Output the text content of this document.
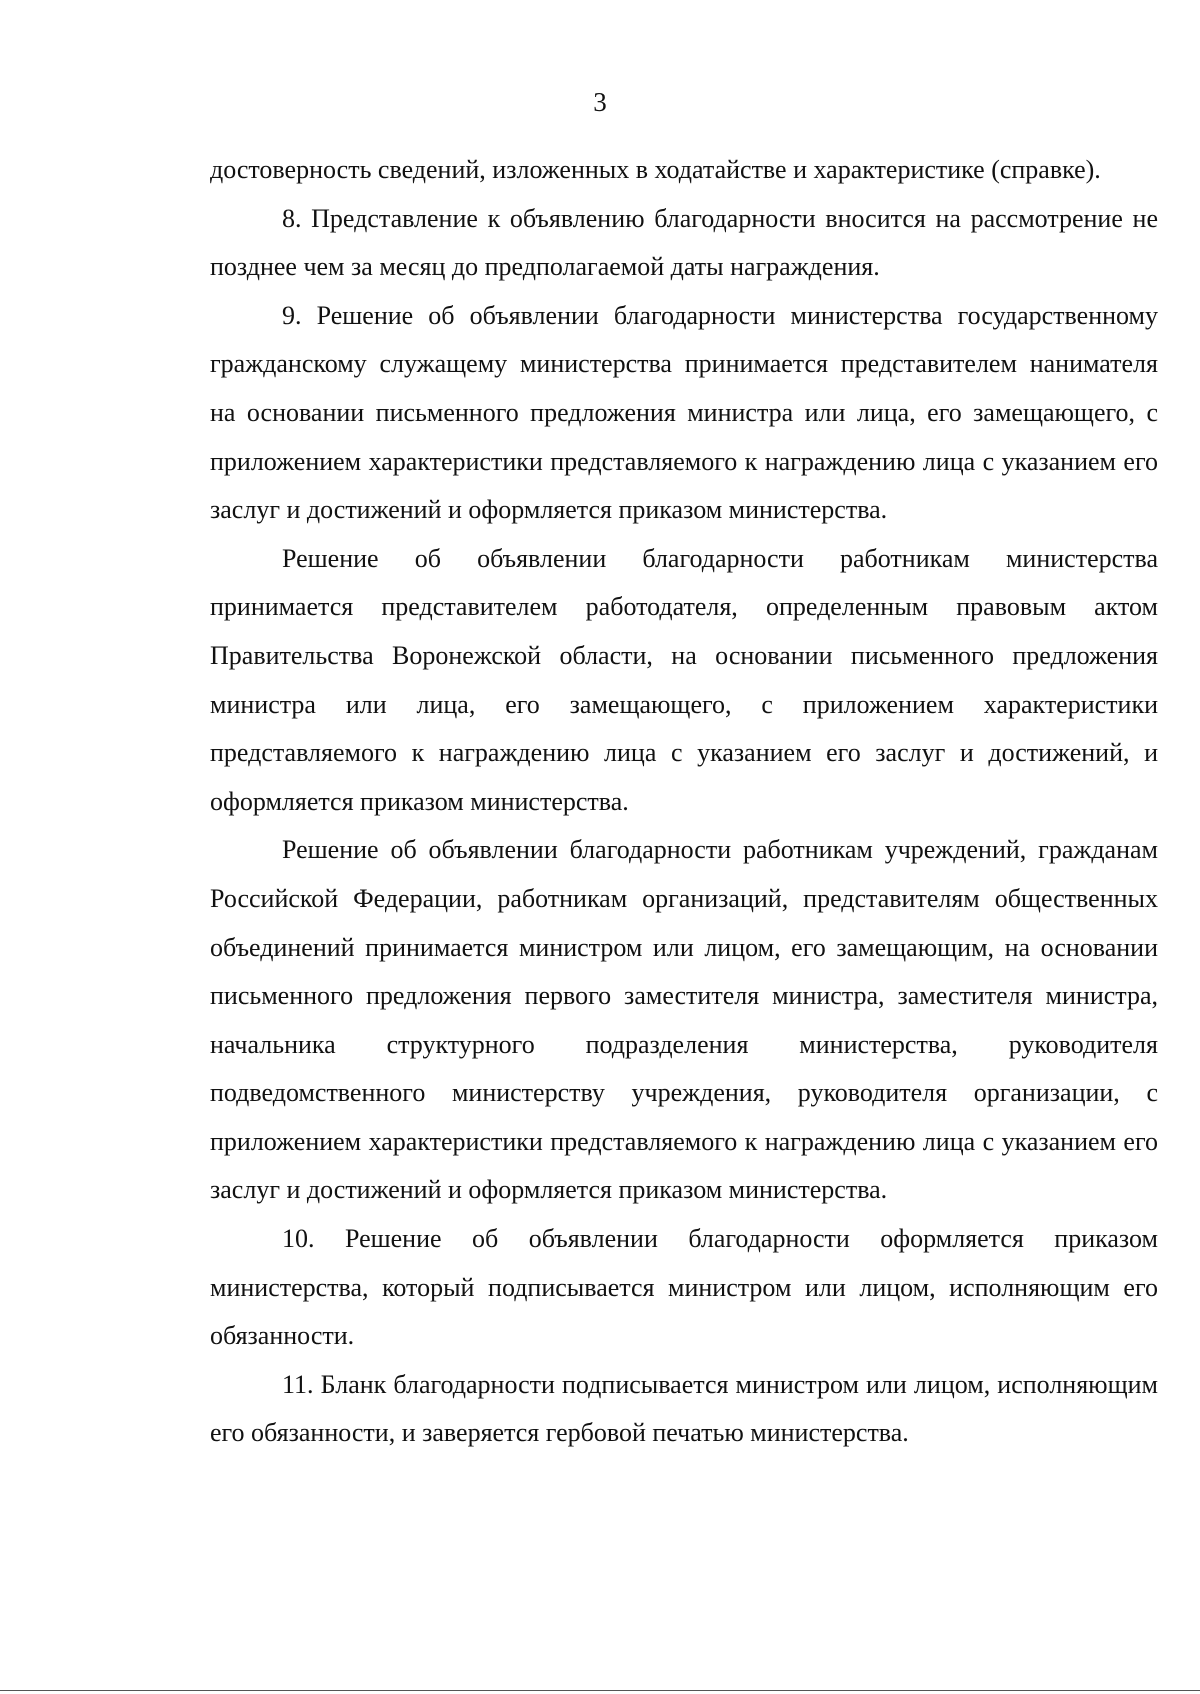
3

достоверность сведений, изложенных в ходатайстве и характеристике (справке).

8. Представление к объявлению благодарности вносится на рассмотрение не позднее чем за месяц до предполагаемой даты награждения.

9. Решение об объявлении благодарности министерства государственному гражданскому служащему министерства принимается представителем нанимателя на основании письменного предложения министра или лица, его замещающего, с приложением характеристики представляемого к награждению лица с указанием его заслуг и достижений и оформляется приказом министерства.

Решение об объявлении благодарности работникам министерства принимается представителем работодателя, определенным правовым актом Правительства Воронежской области, на основании письменного предложения министра или лица, его замещающего, с приложением характеристики представляемого к награждению лица с указанием его заслуг и достижений, и оформляется приказом министерства.

Решение об объявлении благодарности работникам учреждений, гражданам Российской Федерации, работникам организаций, представителям общественных объединений принимается министром или лицом, его замещающим, на основании письменного предложения первого заместителя министра, заместителя министра, начальника структурного подразделения министерства, руководителя подведомственного министерству учреждения, руководителя организации, с приложением характеристики представляемого к награждению лица с указанием его заслуг и достижений и оформляется приказом министерства.

10. Решение об объявлении благодарности оформляется приказом министерства, который подписывается министром или лицом, исполняющим его обязанности.

11. Бланк благодарности подписывается министром или лицом, исполняющим его обязанности, и заверяется гербовой печатью министерства.
